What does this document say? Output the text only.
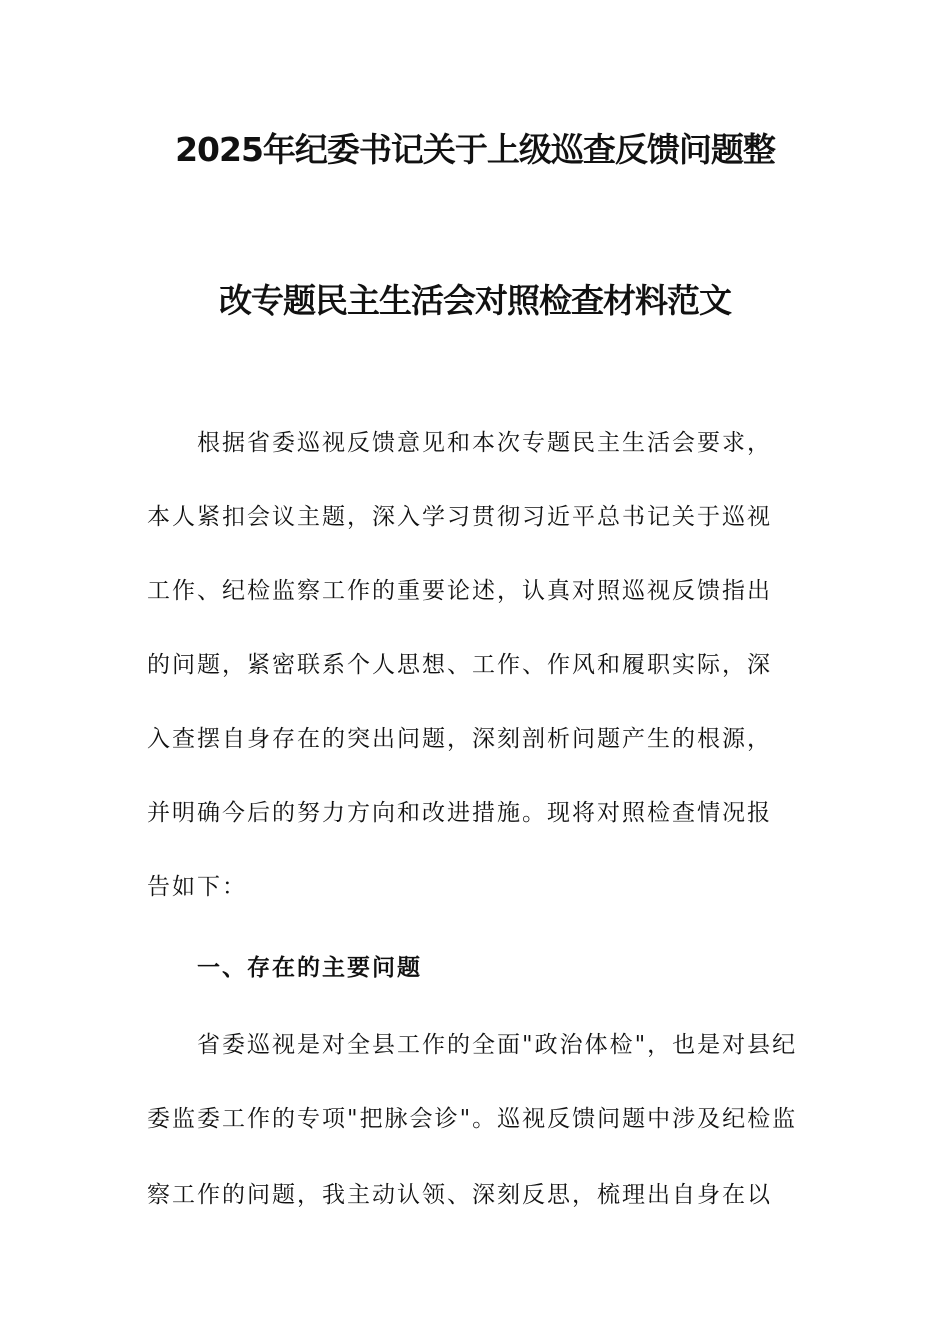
2025年纪委书记关于上级巡查反馈问题整
改专题民主生活会对照检查材料范文
根据省委巡视反馈意见和本次专题民主生活会要求，
本人紧扣会议主题，深入学习贯彻习近平总书记关于巡视
工作、纪检监察工作的重要论述，认真对照巡视反馈指出
的问题，紧密联系个人思想、工作、作风和履职实际，深
入查摆自身存在的突出问题，深刻剖析问题产生的根源，
并明确今后的努力方向和改进措施。现将对照检查情况报
告如下：
一、存在的主要问题
省委巡视是对全县工作的全面"政治体检"，也是对县纪
委监委工作的专项"把脉会诊"。巡视反馈问题中涉及纪检监
察工作的问题，我主动认领、深刻反思，梳理出自身在以
